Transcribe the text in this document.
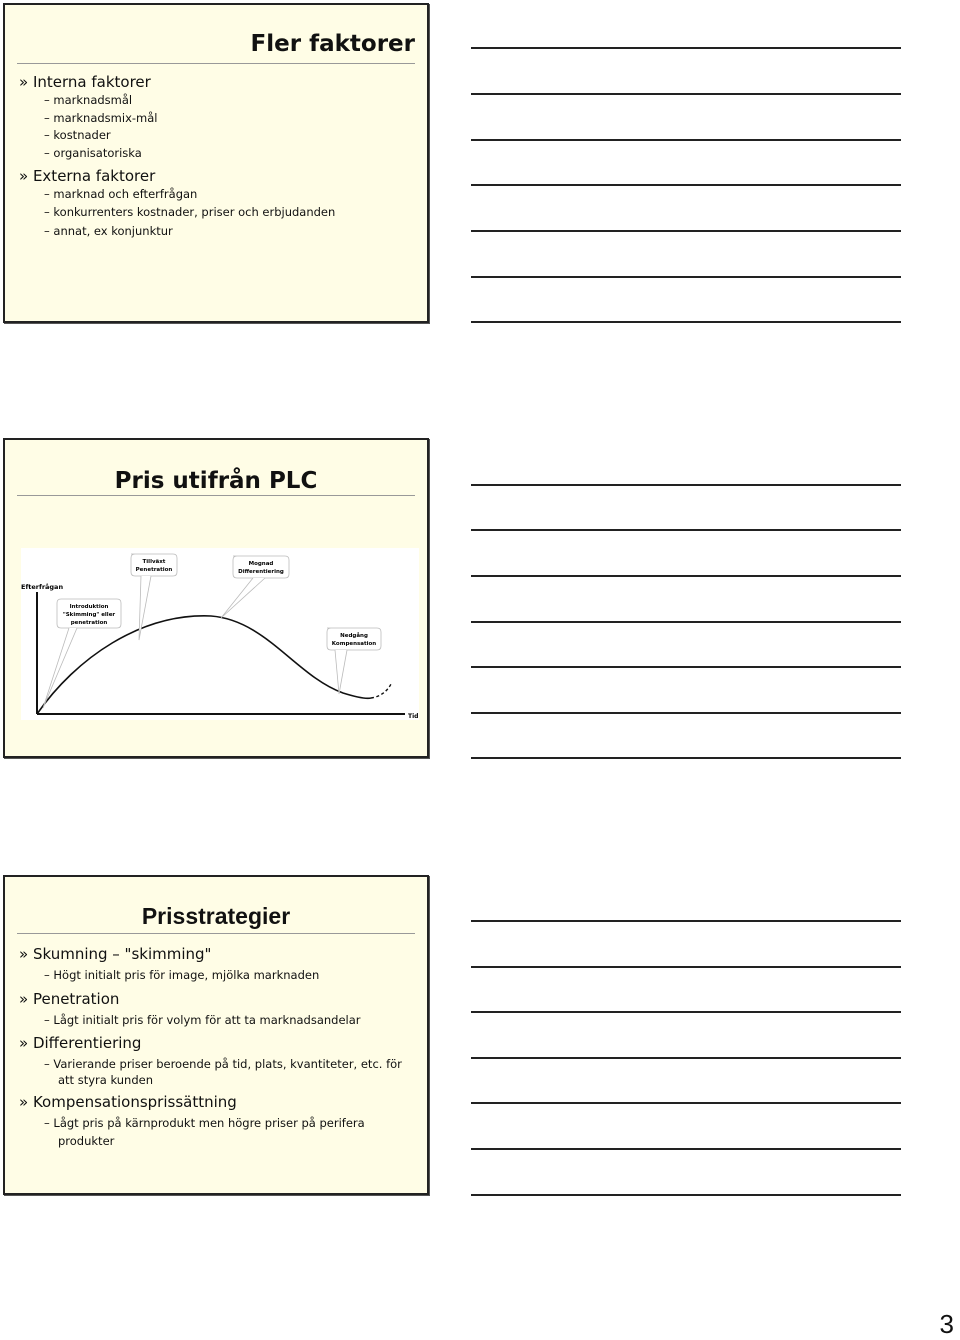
Fler faktorer

» Interna faktorer

– marknadsmål

– marknadsmix-mål

– kostnader

– organisatoriska

» Externa faktorer

– marknad och efterfrågan

– konkurrenters kostnader, priser och erbjudanden

– annat, ex konjunktur

Pris utifrån PLC
Efterfrågan
Tid
Introduktion
"Skimming" eller
penetration
Tillväxt
Penetration
Mognad
Differentiering
Nedgång
Kompensation
Prisstrategier

» Skumning – "skimming"

– Högt initialt pris för image, mjölka marknaden

» Penetration

– Lågt initialt pris för volym för att ta marknadsandelar

» Differentiering

– Varierande priser beroende på tid, plats, kvantiteter, etc. för att styra kunden

» Kompensationsprissättning

– Lågt pris på kärnprodukt men högre priser på perifera produkter

3
